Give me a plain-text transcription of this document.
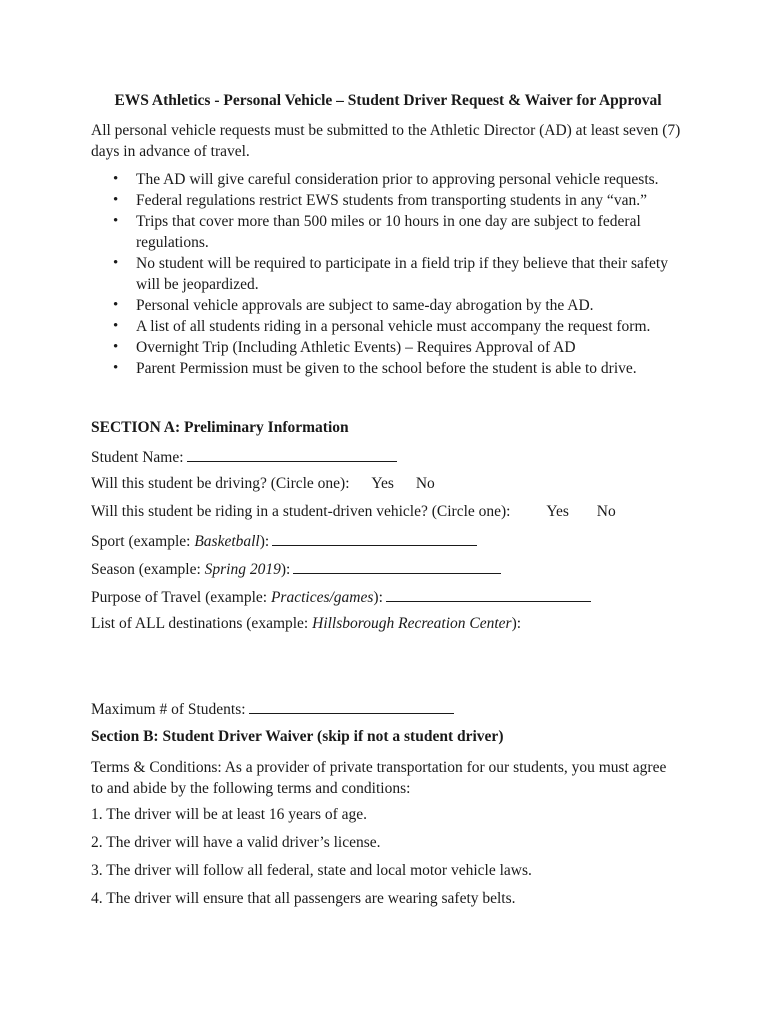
EWS Athletics - Personal Vehicle – Student Driver Request & Waiver for Approval
All personal vehicle requests must be submitted to the Athletic Director (AD) at least seven (7) days in advance of travel.
• The AD will give careful consideration prior to approving personal vehicle requests.
• Federal regulations restrict EWS students from transporting students in any “van.”
• Trips that cover more than 500 miles or 10 hours in one day are subject to federal regulations.
• No student will be required to participate in a field trip if they believe that their safety will be jeopardized.
• Personal vehicle approvals are subject to same-day abrogation by the AD.
• A list of all students riding in a personal vehicle must accompany the request form.
• Overnight Trip (Including Athletic Events) – Requires Approval of AD
• Parent Permission must be given to the school before the student is able to drive.
SECTION A: Preliminary Information
Student Name:
Will this student be driving? (Circle one): Yes No
Will this student be riding in a student-driven vehicle? (Circle one): Yes No
Sport (example: Basketball):
Season (example: Spring 2019):
Purpose of Travel (example: Practices/games):
List of ALL destinations (example: Hillsborough Recreation Center):
Maximum # of Students:
Section B: Student Driver Waiver (skip if not a student driver)
Terms & Conditions: As a provider of private transportation for our students, you must agree to and abide by the following terms and conditions:
1. The driver will be at least 16 years of age.
2. The driver will have a valid driver’s license.
3. The driver will follow all federal, state and local motor vehicle laws.
4. The driver will ensure that all passengers are wearing safety belts.
